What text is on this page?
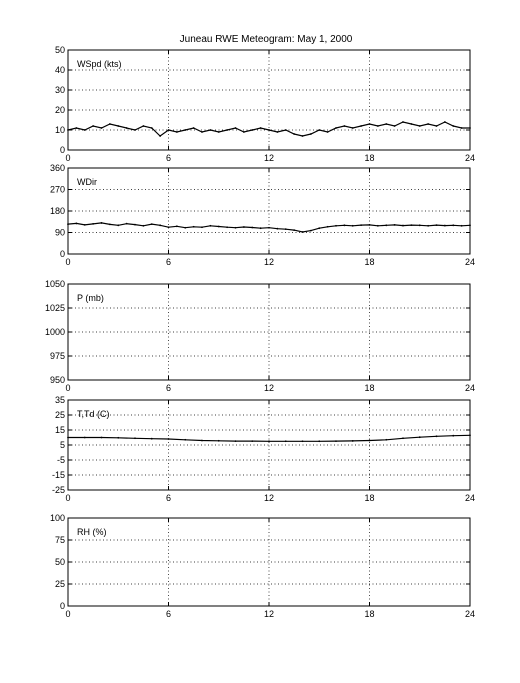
Juneau RWE Meteogram: May 1, 2000
0	6	12	18	24
0
10
20
30
40
50
WSpd (kts)
0	6	12	18	24
0
90
180
270
360
WDir
0	6	12	18	24
950
975
1000
1025
1050
P (mb)
0	6	12	18	24
-25
-15
-5
5
15
25
35
T,Td (C)
0	6	12	18	24
0
25
50
75
100
RH (%)
